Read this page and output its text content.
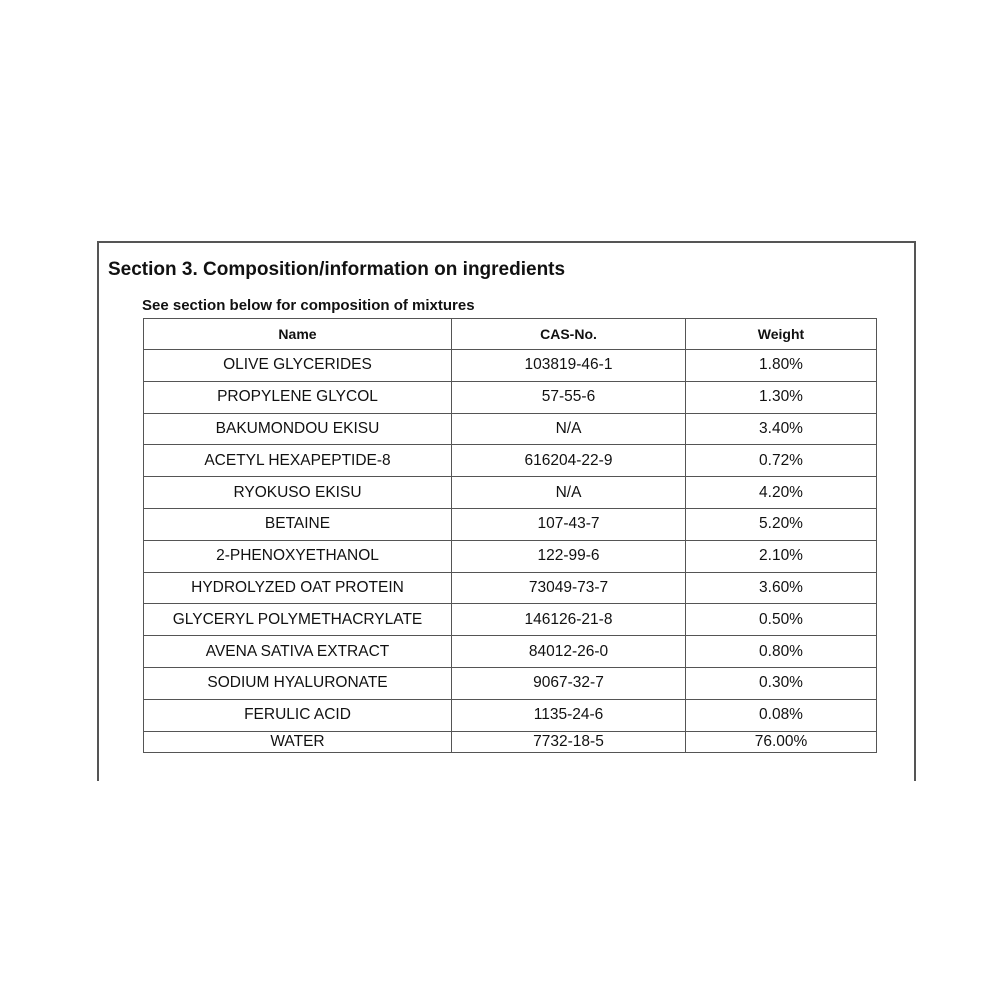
Section 3. Composition/information on ingredients

See section below for composition of mixtures

Name	CAS-No.	Weight
OLIVE GLYCERIDES	103819-46-1	1.80%
PROPYLENE GLYCOL	57-55-6	1.30%
BAKUMONDOU EKISU	N/A	3.40%
ACETYL HEXAPEPTIDE-8	616204-22-9	0.72%
RYOKUSO EKISU	N/A	4.20%
BETAINE	107-43-7	5.20%
2-PHENOXYETHANOL	122-99-6	2.10%
HYDROLYZED OAT PROTEIN	73049-73-7	3.60%
GLYCERYL POLYMETHACRYLATE	146126-21-8	0.50%
AVENA SATIVA EXTRACT	84012-26-0	0.80%
SODIUM HYALURONATE	9067-32-7	0.30%
FERULIC ACID	1135-24-6	0.08%
WATER	7732-18-5	76.00%
